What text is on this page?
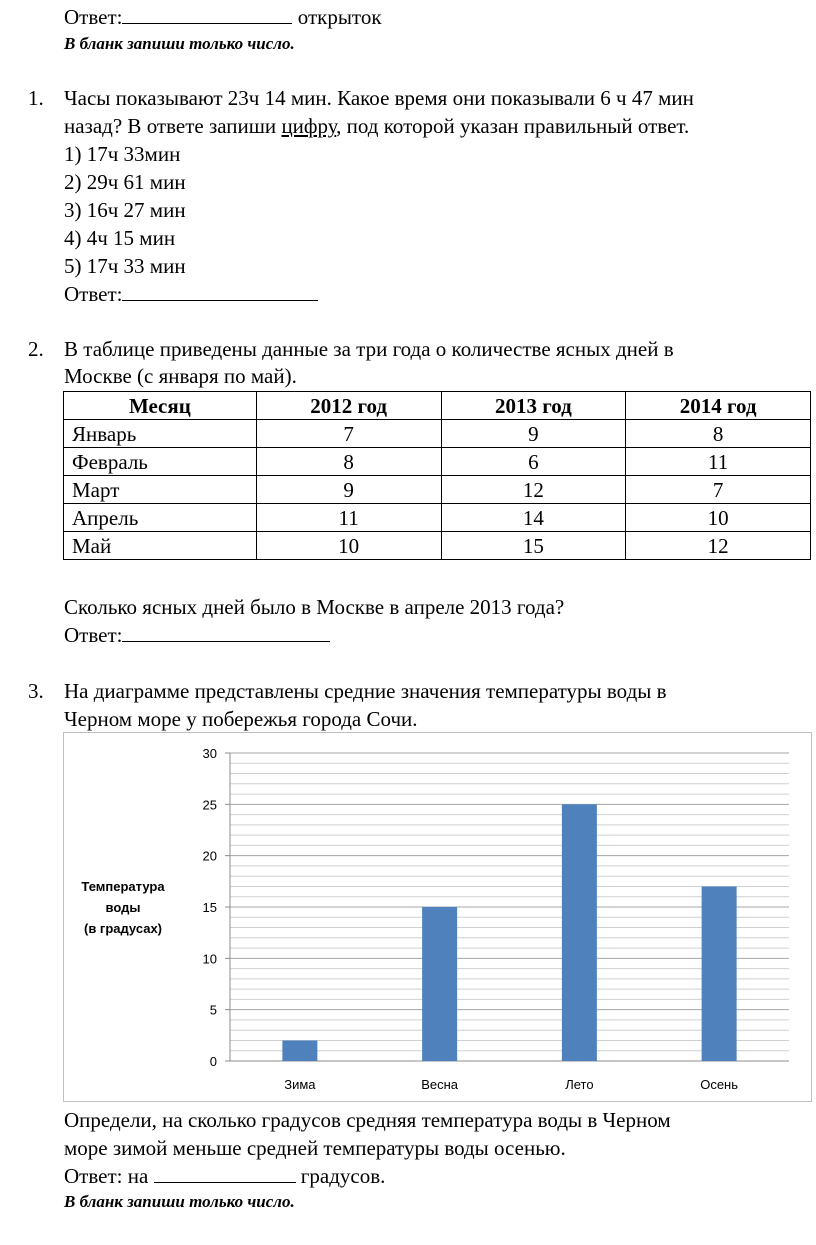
Ответ:	открыток
В бланк запиши только число.
1. Часы показывают 23ч 14 мин. Какое время они показывали 6 ч 47 мин
назад? В ответе запиши цифру, под которой указан правильный ответ.
1) 17ч 33мин
2) 29ч 61 мин
3) 16ч 27 мин
4) 4ч 15 мин
5) 17ч 33 мин
Ответ:
2. В таблице приведены данные за три года о количестве ясных дней в
Москве (с января по май).
Месяц	2012 год	2013 год	2014 год
Январь	7	9	8
Февраль	8	6	11
Март	9	12	7
Апрель	11	14	10
Май	10	15	12
Сколько ясных дней было в Москве в апреле 2013 года?
Ответ:
3. На диаграмме представлены средние значения температуры воды в
Черном море у побережья города Сочи.
0
5
10
15
20
25
30
Зима	Весна	Лето	Осень
Температура
воды
(в градусах)
Определи, на сколько градусов средняя температура воды в Черном
море зимой меньше средней температуры воды осенью.
Ответ: на	градусов.
В бланк запиши только число.
